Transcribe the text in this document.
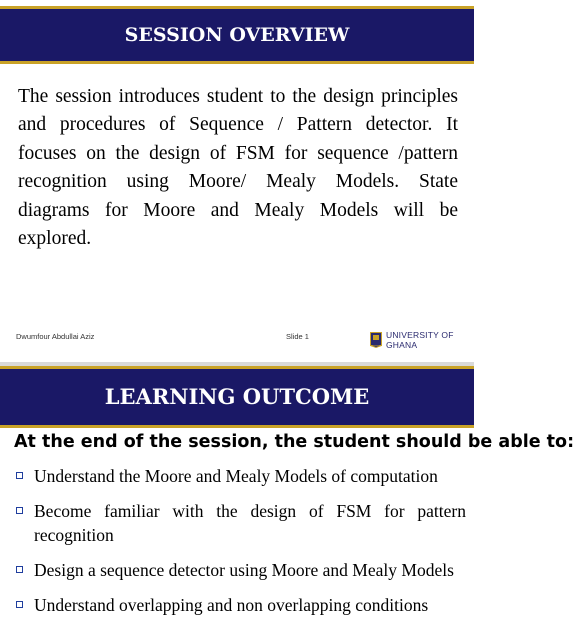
SESSION OVERVIEW
The session introduces student to the design principles and procedures of Sequence / Pattern detector. It focuses on the design of FSM for sequence /pattern recognition using Moore/ Mealy Models. State diagrams for Moore and Mealy Models will be explored.
Dwumfour Abdullai Aziz	Slide 1	UNIVERSITY OF GHANA
LEARNING OUTCOME
At the end of the session, the student should be able to:
Understand the Moore and Mealy Models of computation
Become familiar with the design of FSM for pattern recognition
Design a sequence detector using Moore and Mealy Models
Understand overlapping and non overlapping conditions
